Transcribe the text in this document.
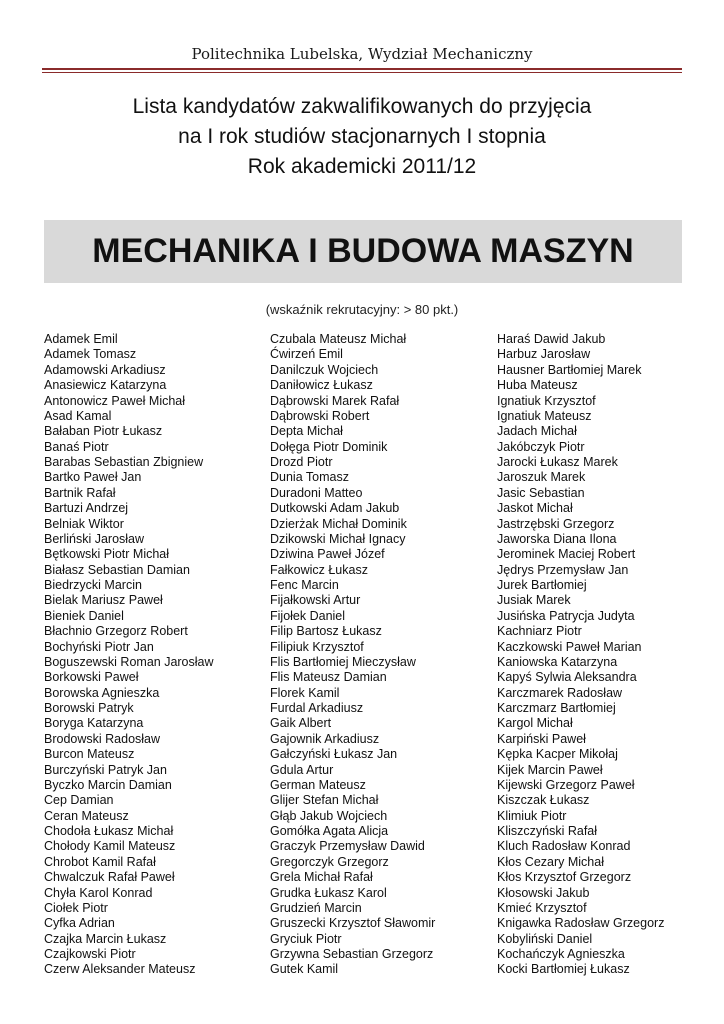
Politechnika Lubelska, Wydział Mechaniczny
Lista kandydatów zakwalifikowanych do przyjęcia
na I rok studiów stacjonarnych I stopnia
Rok akademicki 2011/12
MECHANIKA I BUDOWA MASZYN
(wskaźnik rekrutacyjny: > 80 pkt.)
Adamek Emil
Adamek Tomasz
Adamowski Arkadiusz
Anasiewicz Katarzyna
Antonowicz Paweł Michał
Asad Kamal
Bałaban Piotr Łukasz
Banaś Piotr
Barabas Sebastian Zbigniew
Bartko Paweł Jan
Bartnik Rafał
Bartuzi Andrzej
Belniak Wiktor
Berliński Jarosław
Bętkowski Piotr Michał
Białasz Sebastian Damian
Biedrzycki Marcin
Bielak Mariusz Paweł
Bieniek Daniel
Błachnio Grzegorz Robert
Bochyński Piotr Jan
Boguszewski Roman Jarosław
Borkowski Paweł
Borowska Agnieszka
Borowski Patryk
Boryga Katarzyna
Brodowski Radosław
Burcon Mateusz
Burczyński Patryk Jan
Byczko Marcin Damian
Cep Damian
Ceran Mateusz
Chodoła Łukasz Michał
Chołody Kamil Mateusz
Chrobot Kamil Rafał
Chwalczuk Rafał Paweł
Chyła Karol Konrad
Ciołek Piotr
Cyfka Adrian
Czajka Marcin Łukasz
Czajkowski Piotr
Czerw Aleksander Mateusz
Czubala Mateusz Michał
Ćwirzeń Emil
Danilczuk Wojciech
Daniłowicz Łukasz
Dąbrowski Marek Rafał
Dąbrowski Robert
Depta Michał
Dołęga Piotr Dominik
Drozd Piotr
Dunia Tomasz
Duradoni Matteo
Dutkowski Adam Jakub
Dzierżak Michał Dominik
Dzikowski Michał Ignacy
Dziwina Paweł Józef
Fałkowicz Łukasz
Fenc Marcin
Fijałkowski Artur
Fijołek Daniel
Filip Bartosz Łukasz
Filipiuk Krzysztof
Flis Bartłomiej Mieczysław
Flis Mateusz Damian
Florek Kamil
Furdal Arkadiusz
Gaik Albert
Gajownik Arkadiusz
Gałczyński Łukasz Jan
Gdula Artur
German Mateusz
Glijer Stefan Michał
Głąb Jakub Wojciech
Gomółka Agata Alicja
Graczyk Przemysław Dawid
Gregorczyk Grzegorz
Grela Michał Rafał
Grudka Łukasz Karol
Grudzień Marcin
Gruszecki Krzysztof Sławomir
Gryciuk Piotr
Grzywna Sebastian Grzegorz
Gutek Kamil
Haraś Dawid Jakub
Harbuz Jarosław
Hausner Bartłomiej Marek
Huba Mateusz
Ignatiuk Krzysztof
Ignatiuk Mateusz
Jadach Michał
Jakóbczyk Piotr
Jarocki Łukasz Marek
Jaroszuk Marek
Jasic Sebastian
Jaskot Michał
Jastrzębski Grzegorz
Jaworska Diana Ilona
Jerominek Maciej Robert
Jędrys Przemysław Jan
Jurek Bartłomiej
Jusiak Marek
Jusińska Patrycja Judyta
Kachniarz Piotr
Kaczkowski Paweł Marian
Kaniowska Katarzyna
Kapyś Sylwia Aleksandra
Karczmarek Radosław
Karczmarz Bartłomiej
Kargol Michał
Karpiński Paweł
Kępka Kacper Mikołaj
Kijek Marcin Paweł
Kijewski Grzegorz Paweł
Kiszczak Łukasz
Klimiuk Piotr
Kliszczyński Rafał
Kluch Radosław Konrad
Kłos Cezary Michał
Kłos Krzysztof Grzegorz
Kłosowski Jakub
Kmieć Krzysztof
Knigawka Radosław Grzegorz
Kobyliński Daniel
Kochańczyk Agnieszka
Kocki Bartłomiej Łukasz
